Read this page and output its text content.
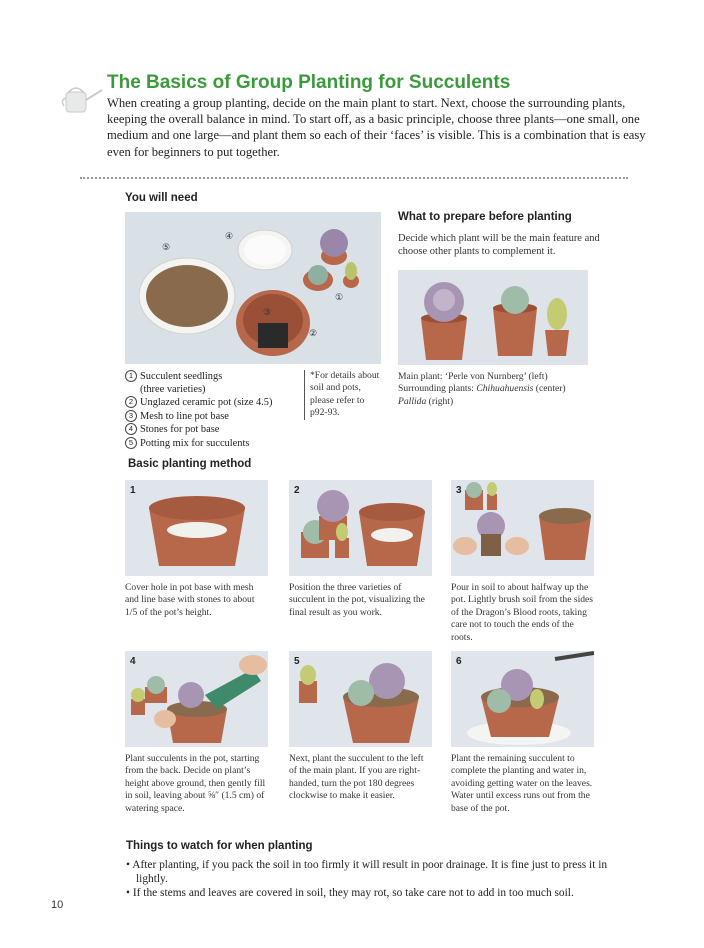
The Basics of Group Planting for Succulents
When creating a group planting, decide on the main plant to start. Next, choose the surrounding plants, keeping the overall balance in mind. To start off, as a basic principle, choose three plants—one small, one medium and one large—and plant them so each of their ‘faces’ is visible. This is a combination that is easy even for beginners to put together.
You will need
⑤
④
③
②
①
1 Succulent seedlings
(three varieties)
2 Unglazed ceramic pot (size 4.5)
3 Mesh to line pot base
4 Stones for pot base
5 Potting mix for succulents
*For details about soil and pots, please refer to p92-93.
What to prepare before planting
Decide which plant will be the main feature and choose other plants to complement it.
Main plant: ‘Perle von Nurnberg’ (left)
Surrounding plants: Chihuahuensis (center)
Pallida (right)
Basic planting method
1
Cover hole in pot base with mesh and line base with stones to about 1/5 of the pot’s height.
2
Position the three varieties of succulent in the pot, visualizing the final result as you work.
3
Pour in soil to about halfway up the pot. Lightly brush soil from the sides of the Dragon’s Blood roots, taking care not to touch the ends of the roots.
4
Plant succulents in the pot, starting from the back. Decide on plant’s height above ground, then gently fill in soil, leaving about ⅝″ (1.5 cm) of watering space.
5
Next, plant the succulent to the left of the main plant. If you are right-handed, turn the pot 180 degrees clockwise to make it easier.
6
Plant the remaining succulent to complete the planting and water in, avoiding getting water on the leaves. Water until excess runs out from the base of the pot.
Things to watch for when planting
• After planting, if you pack the soil in too firmly it will result in poor drainage. It is fine just to press it in lightly.
• If the stems and leaves are covered in soil, they may rot, so take care not to add in too much soil.
10
